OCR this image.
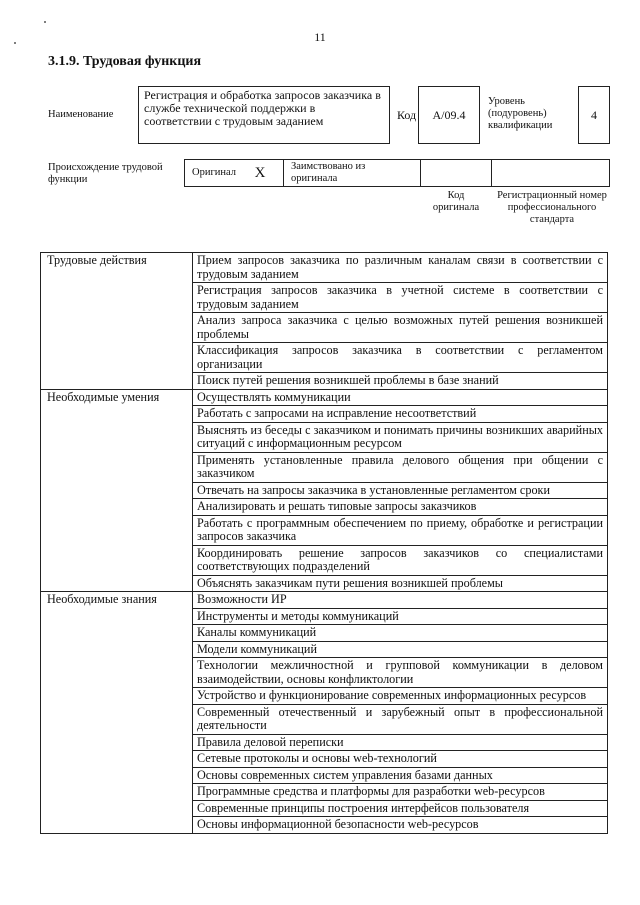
11
3.1.9. Трудовая функция
Наименование
Регистрация и обработка запросов заказчика в службе технической поддержки в соответствии с трудовым заданием	Код А/09.4
Уровень (подуровень) квалификации
4
Происхождение трудовой функции
Оригинал	X	Заимствовано из оригинала
Код оригинала
Регистрационный номер профессионального стандарта
Трудовые действия	Прием запросов заказчика по различным каналам связи в соответствии с трудовым заданием
	Регистрация запросов заказчика в учетной системе в соответствии с трудовым заданием
	Анализ запроса заказчика с целью возможных путей решения возникшей проблемы
	Классификация запросов заказчика в соответствии с регламентом организации
	Поиск путей решения возникшей проблемы в базе знаний
Необходимые умения	Осуществлять коммуникации
	Работать с запросами на исправление несоответствий
	Выяснять из беседы с заказчиком и понимать причины возникших аварийных ситуаций с информационным ресурсом
	Применять установленные правила делового общения при общении с заказчиком
	Отвечать на запросы заказчика в установленные регламентом сроки
	Анализировать и решать типовые запросы заказчиков
	Работать с программным обеспечением по приему, обработке и регистрации запросов заказчика
	Координировать решение запросов заказчиков со специалистами соответствующих подразделений
	Объяснять заказчикам пути решения возникшей проблемы
Необходимые знания	Возможности ИР
	Инструменты и методы коммуникаций
	Каналы коммуникаций
	Модели коммуникаций
	Технологии межличностной и групповой коммуникации в деловом взаимодействии, основы конфликтологии
	Устройство и функционирование современных информационных ресурсов
	Современный отечественный и зарубежный опыт в профессиональной деятельности
	Правила деловой переписки
	Сетевые протоколы и основы web-технологий
	Основы современных систем управления базами данных
	Программные средства и платформы для разработки web-ресурсов
	Современные принципы построения интерфейсов пользователя
	Основы информационной безопасности web-ресурсов
